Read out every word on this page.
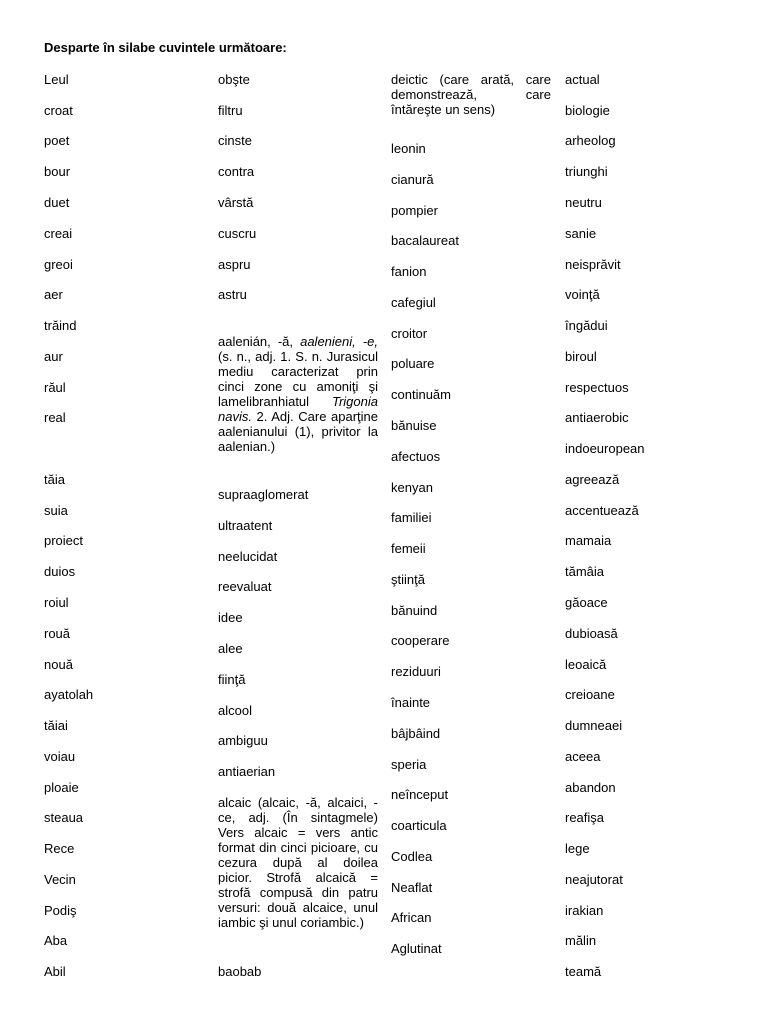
Desparte în silabe cuvintele următoare:
Leul
croat
poet
bour
duet
creai
greoi
aer
trăind
aur
răul
real
tăia
suia
proiect
duios
roiul
rouă
nouă
ayatolah
tăiai
voiau
ploaie
steaua
Rece
Vecin
Podiş
Aba
Abil
obşte
filtru
cinste
contra
vârstă
cuscru
aspru
astru
aalenián, -ă, aalenieni, -e, (s. n., adj. 1. S. n. Jurasicul mediu caracterizat prin cinci zone cu amoniţi şi lamelibranhiatul Trigonia navis. 2. Adj. Care aparţine aalenianului (1), privitor la aalenian.)
supraaglomerat
ultraatent
neelucidat
reevaluat
idee
alee
fiinţă
alcool
ambiguu
antiaerian
alcaic (alcaic, -ă, alcaici, -ce, adj. (În sintagmele) Vers alcaic = vers antic format din cinci picioare, cu cezura după al doilea picior. Strofă alcaică = strofă compusă din patru versuri: două alcaice, unul iambic şi unul coriambic.)
baobab
deictic (care arată, care demonstrează, care întăreşte un sens)
leonin
cianură
pompier
bacalaureat
fanion
cafegiul
croitor
poluare
continuăm
bănuise
afectuos
kenyan
familiei
femeii
ştiinţă
bănuind
cooperare
reziduuri
înainte
bâjbâind
speria
neînceput
coarticula
Codlea
Neaflat
African
Aglutinat
actual
biologie
arheolog
triunghi
neutru
sanie
neisprăvit
voinţă
îngădui
biroul
respectuos
antiaerobic
indoeuropean
agreează
accentuează
mamaia
tămâia
găoace
dubioasă
leoaică
creioane
dumneaei
aceea
abandon
reafişa
lege
neajutorat
irakian
mălin
teamă
